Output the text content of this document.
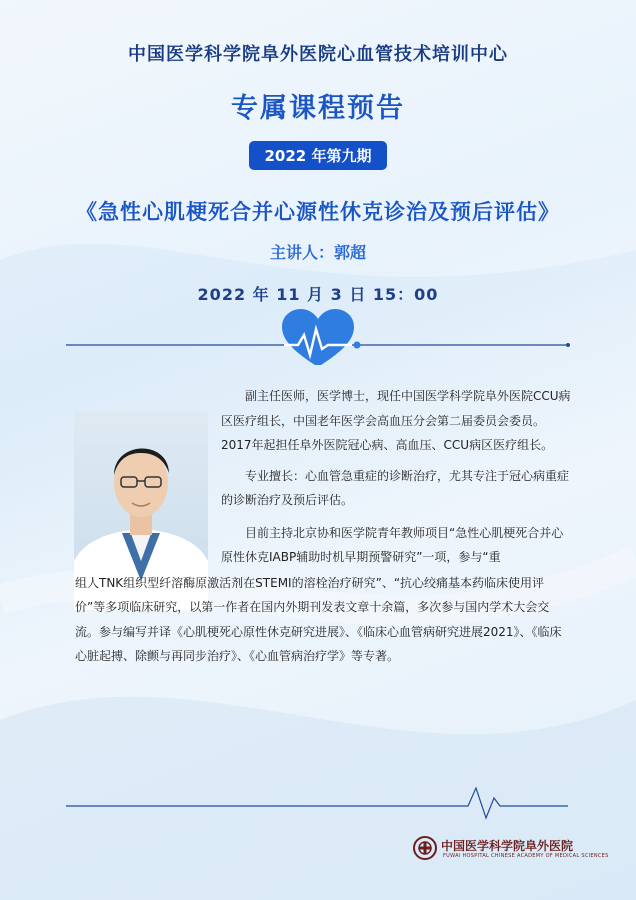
中国医学科学院阜外医院心血管技术培训中心
专属课程预告
2022 年第九期
《急性心肌梗死合并心源性休克诊治及预后评估》
主讲人：郭超
2022 年 11 月 3 日 15：00

副主任医师，医学博士，现任中国医学科学院阜外医院CCU病区医疗组长，中国老年医学会高血压分会第二届委员会委员。2017年起担任阜外医院冠心病、高血压、CCU病区医疗组长。

专业擅长：心血管急重症的诊断治疗，尤其专注于冠心病重症的诊断治疗及预后评估。

目前主持北京协和医学院青年教师项目“急性心肌梗死合并心原性休克IABP辅助时机早期预警研究”一项，参与“重

组人TNK组织型纤溶酶原激活剂在STEMI的溶栓治疗研究”、“抗心绞痛基本药临床使用评价”等多项临床研究，以第一作者在国内外期刊发表文章十余篇，多次参与国内学术大会交流。参与编写并译《心肌梗死心原性休克研究进展》、《临床心血管病研究进展2021》、《临床心脏起搏、除颤与再同步治疗》、《心血管病治疗学》等专著。

中国医学科学院阜外医院
FUWAI HOSPITAL CHINESE ACADEMY OF MEDICAL SCIENCES
